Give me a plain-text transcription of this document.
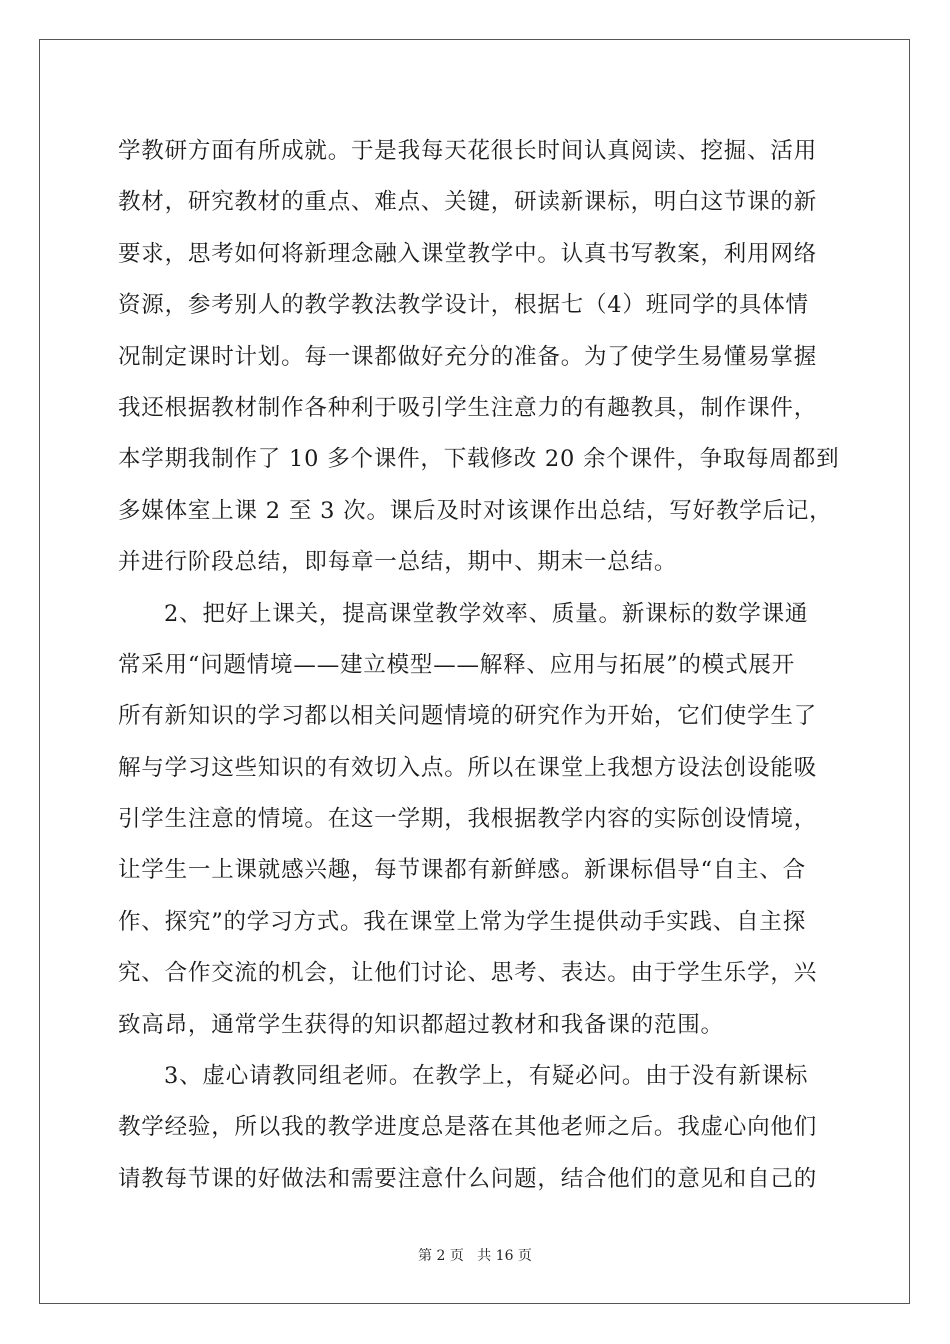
学教研方面有所成就。于是我每天花很长时间认真阅读、挖掘、活用
教材，研究教材的重点、难点、关键，研读新课标，明白这节课的新
要求，思考如何将新理念融入课堂教学中。认真书写教案，利用网络
资源，参考别人的教学教法教学设计，根据七（4）班同学的具体情
况制定课时计划。每一课都做好充分的准备。为了使学生易懂易掌握
我还根据教材制作各种利于吸引学生注意力的有趣教具，制作课件，
本学期我制作了 10 多个课件，下载修改 20 余个课件，争取每周都到
多媒体室上课 2 至 3 次。课后及时对该课作出总结，写好教学后记，
并进行阶段总结，即每章一总结，期中、期末一总结。
2、把好上课关，提高课堂教学效率、质量。新课标的数学课通
常采用“问题情境——建立模型——解释、应用与拓展”的模式展开
所有新知识的学习都以相关问题情境的研究作为开始，它们使学生了
解与学习这些知识的有效切入点。所以在课堂上我想方设法创设能吸
引学生注意的情境。在这一学期，我根据教学内容的实际创设情境，
让学生一上课就感兴趣，每节课都有新鲜感。新课标倡导“自主、合
作、探究”的学习方式。我在课堂上常为学生提供动手实践、自主探
究、合作交流的机会，让他们讨论、思考、表达。由于学生乐学，兴
致高昂，通常学生获得的知识都超过教材和我备课的范围。
3、虚心请教同组老师。在教学上，有疑必问。由于没有新课标
教学经验，所以我的教学进度总是落在其他老师之后。我虚心向他们
请教每节课的好做法和需要注意什么问题，结合他们的意见和自己的
第 2 页 共 16 页
